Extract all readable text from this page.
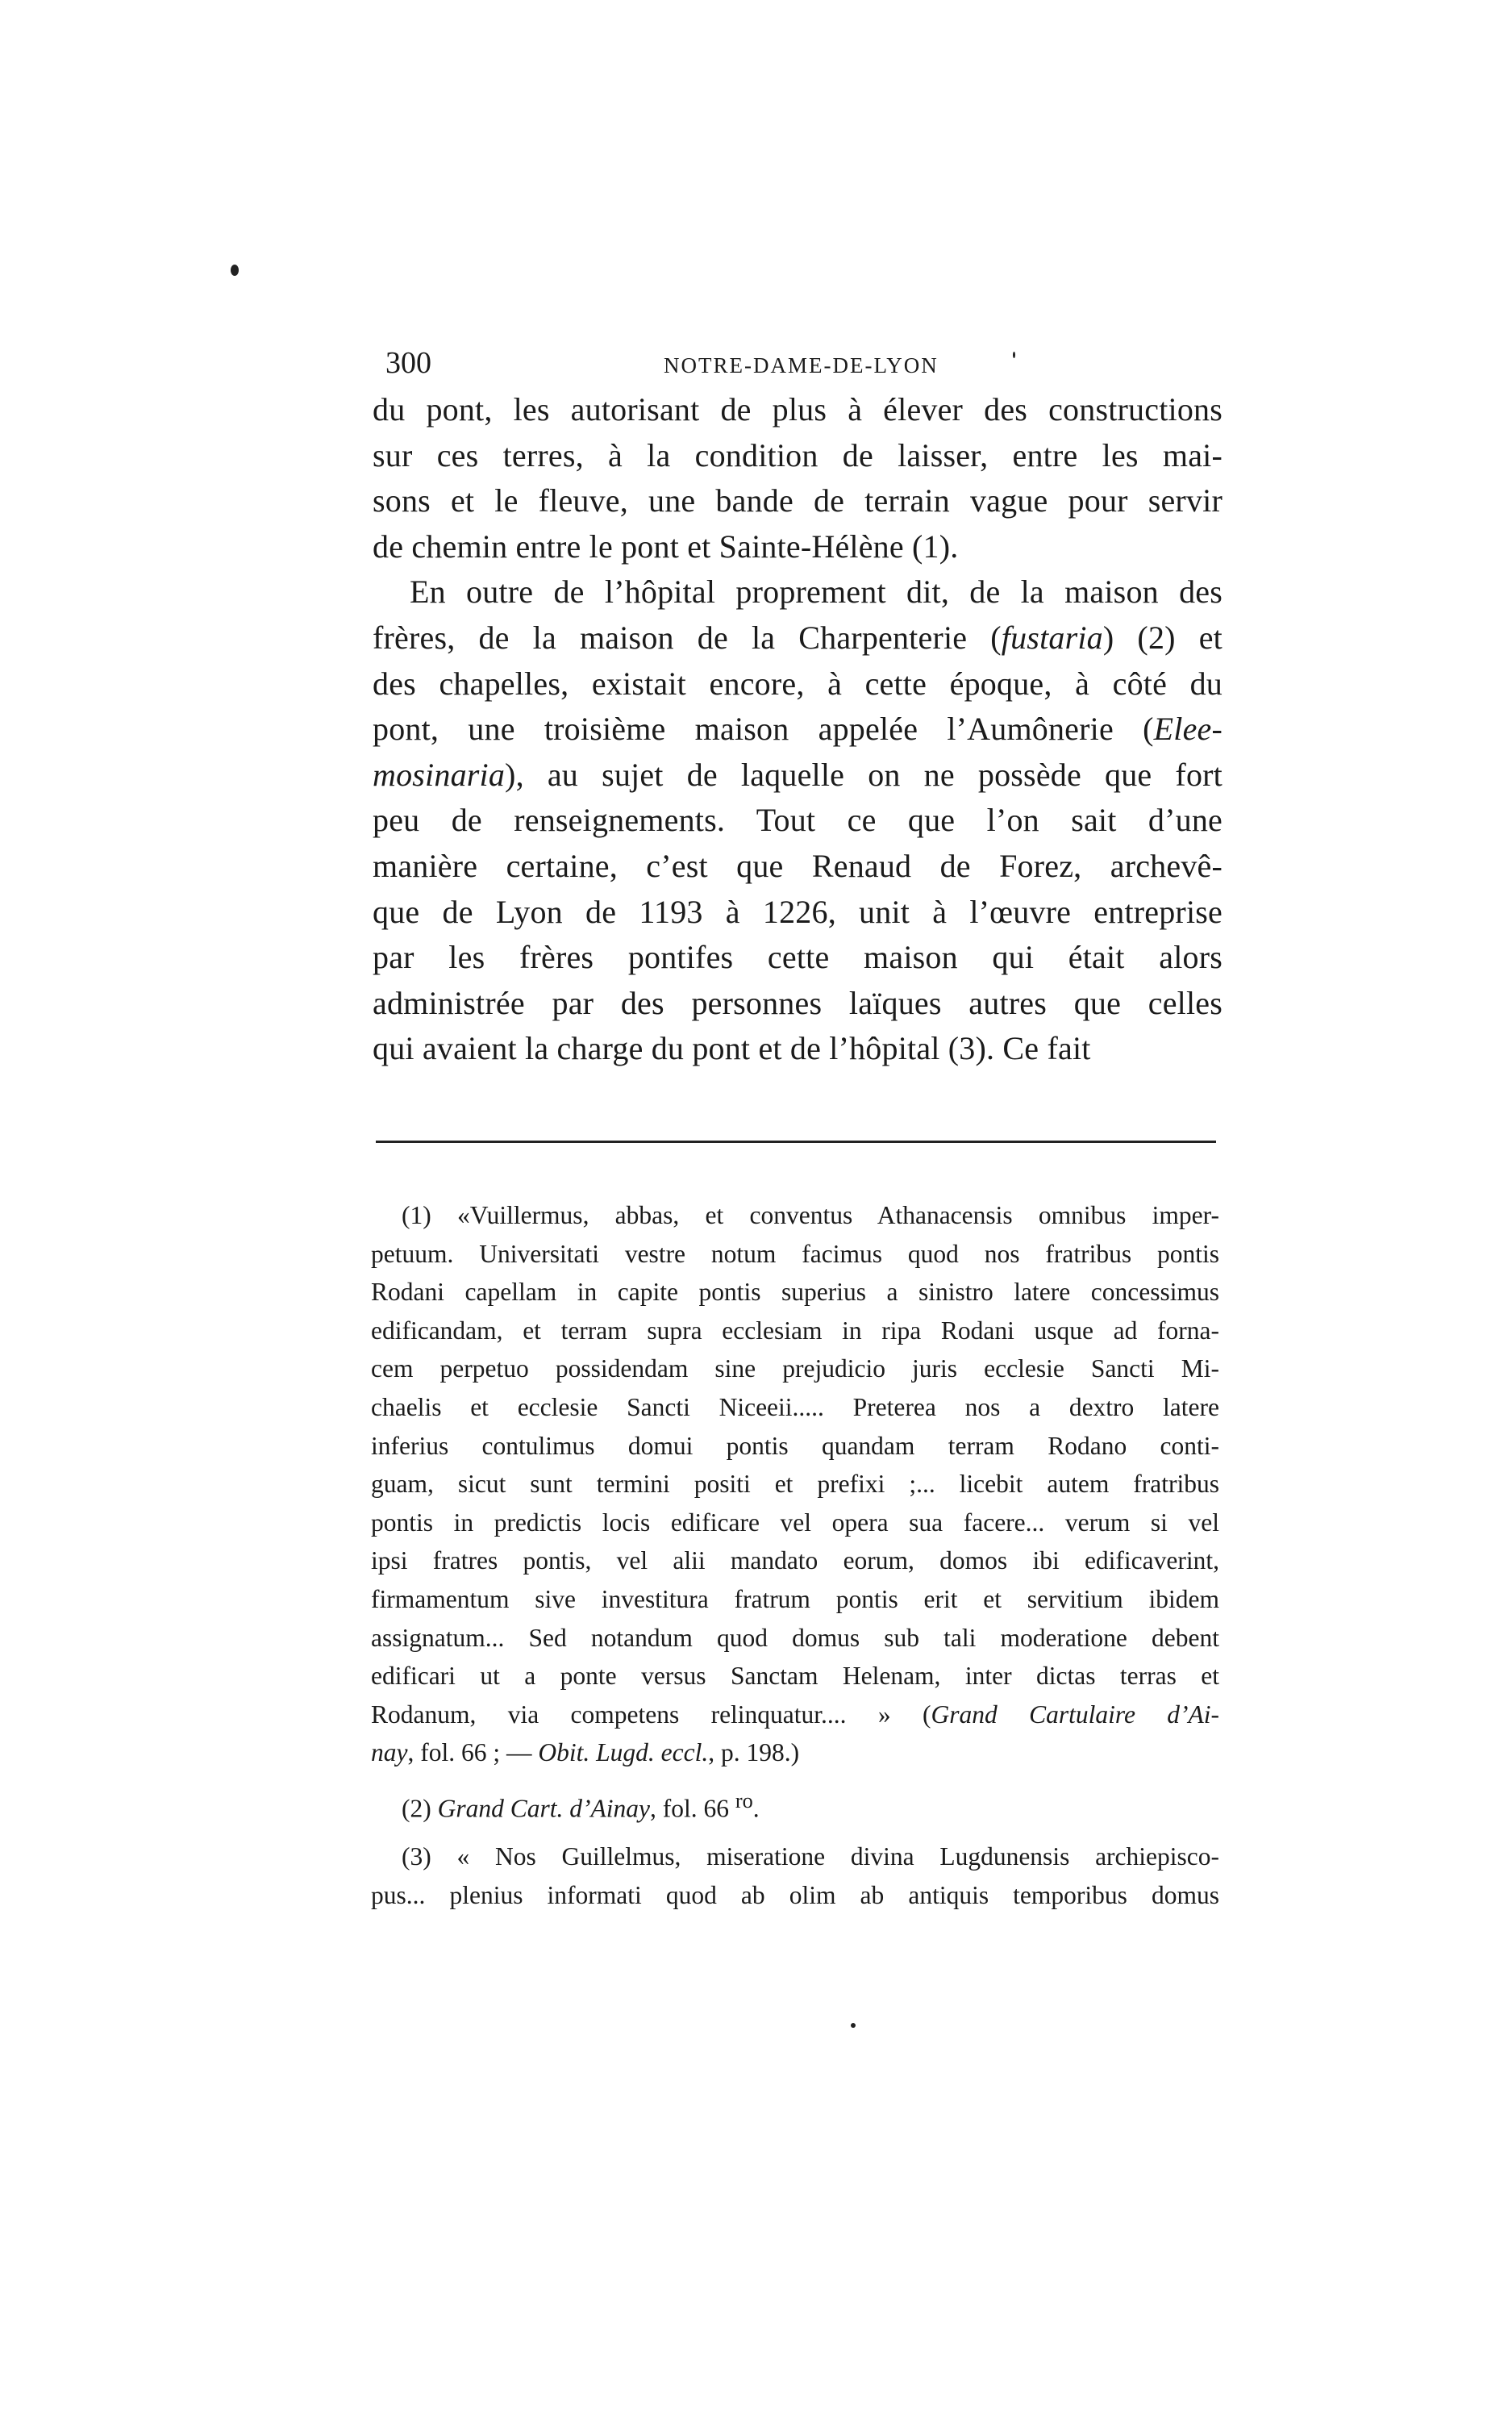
300	NOTRE-DAME-DE-LYON
du pont, les autorisant de plus à élever des constructions
sur ces terres, à la condition de laisser, entre les mai-
sons et le fleuve, une bande de terrain vague pour servir
de chemin entre le pont et Sainte-Hélène (1).
En outre de l’hôpital proprement dit, de la maison des
frères, de la maison de la Charpenterie (fustaria) (2) et
des chapelles, existait encore, à cette époque, à côté du
pont, une troisième maison appelée l’Aumônerie (Elee-
mosinaria), au sujet de laquelle on ne possède que fort
peu de renseignements. Tout ce que l’on sait d’une
manière certaine, c’est que Renaud de Forez, archevê-
que de Lyon de 1193 à 1226, unit à l’œuvre entreprise
par les frères pontifes cette maison qui était alors
administrée par des personnes laïques autres que celles
qui avaient la charge du pont et de l’hôpital (3). Ce fait
(1) «Vuillermus, abbas, et conventus Athanacensis omnibus imper-
petuum. Universitati vestre notum facimus quod nos fratribus pontis
Rodani capellam in capite pontis superius a sinistro latere concessimus
edificandam, et terram supra ecclesiam in ripa Rodani usque ad forna-
cem perpetuo possidendam sine prejudicio juris ecclesie Sancti Mi-
chaelis et ecclesie Sancti Niceeii..... Preterea nos a dextro latere
inferius contulimus domui pontis quandam terram Rodano conti-
guam, sicut sunt termini positi et prefixi ;... licebit autem fratribus
pontis in predictis locis edificare vel opera sua facere... verum si vel
ipsi fratres pontis, vel alii mandato eorum, domos ibi edificaverint,
firmamentum sive investitura fratrum pontis erit et servitium ibidem
assignatum... Sed notandum quod domus sub tali moderatione debent
edificari ut a ponte versus Sanctam Helenam, inter dictas terras et
Rodanum, via competens relinquatur.... » (Grand Cartulaire d’Ai-
nay, fol. 66 ; — Obit. Lugd. eccl., p. 198.)
(2) Grand Cart. d’Ainay, fol. 66 $^{ro}$.
(3) « Nos Guillelmus, miseratione divina Lugdunensis archiepisco-
pus... plenius informati quod ab olim ab antiquis temporibus domus
